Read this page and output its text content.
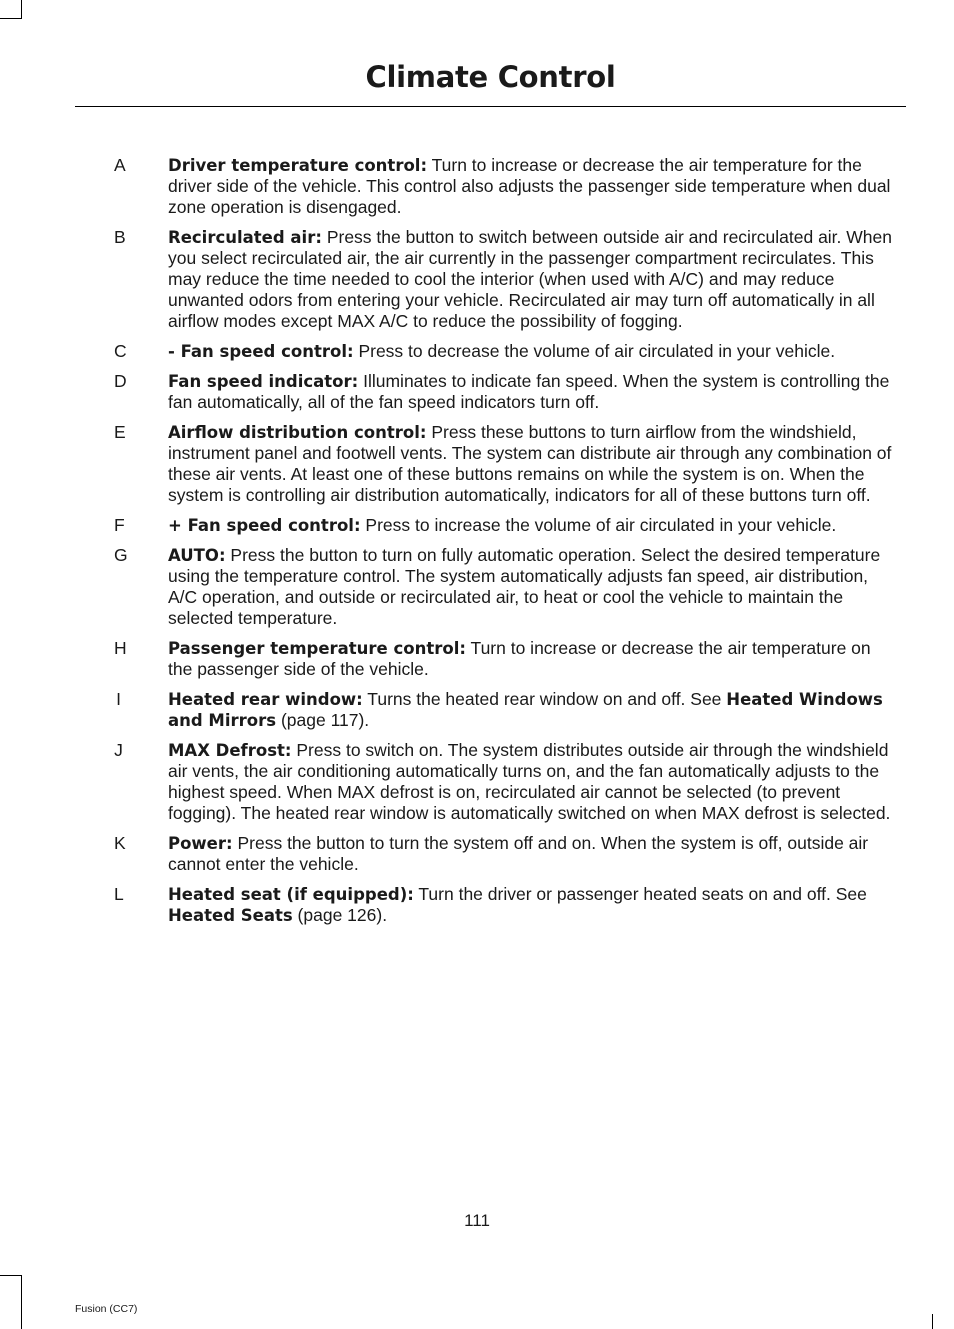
Climate Control
A	Driver temperature control: Turn to increase or decrease the air temperature for the driver side of the vehicle. This control also adjusts the passenger side temperature when dual zone operation is disengaged.
B	Recirculated air: Press the button to switch between outside air and recirculated air. When you select recirculated air, the air currently in the passenger compartment recirculates. This may reduce the time needed to cool the interior (when used with A/C) and may reduce unwanted odors from entering your vehicle. Recirculated air may turn off automatically in all airflow modes except MAX A/C to reduce the possibility of fogging.
C	- Fan speed control: Press to decrease the volume of air circulated in your vehicle.
D	Fan speed indicator: Illuminates to indicate fan speed. When the system is controlling the fan automatically, all of the fan speed indicators turn off.
E	Airflow distribution control: Press these buttons to turn airflow from the windshield, instrument panel and footwell vents. The system can distribute air through any combination of these air vents. At least one of these buttons remains on while the system is on. When the system is controlling air distribution automatically, indicators for all of these buttons turn off.
F	+ Fan speed control: Press to increase the volume of air circulated in your vehicle.
G AUTO: Press the button to turn on fully automatic operation. Select the desired temperature using the temperature control. The system automatically adjusts fan speed, air distribution, A/C operation, and outside or recirculated air, to heat or cool the vehicle to maintain the selected temperature.
H	Passenger temperature control: Turn to increase or decrease the air temperature on the passenger side of the vehicle.
I	Heated rear window: Turns the heated rear window on and off. See Heated Windows and Mirrors (page 117).
J	MAX Defrost: Press to switch on. The system distributes outside air through the windshield air vents, the air conditioning automatically turns on, and the fan automatically adjusts to the highest speed. When MAX defrost is on, recirculated air cannot be selected (to prevent fogging). The heated rear window is automatically switched on when MAX defrost is selected.
K	Power: Press the button to turn the system off and on. When the system is off, outside air cannot enter the vehicle.
L	Heated seat (if equipped): Turn the driver or passenger heated seats on and off. See Heated Seats (page 126).
111
Fusion (CC7)
